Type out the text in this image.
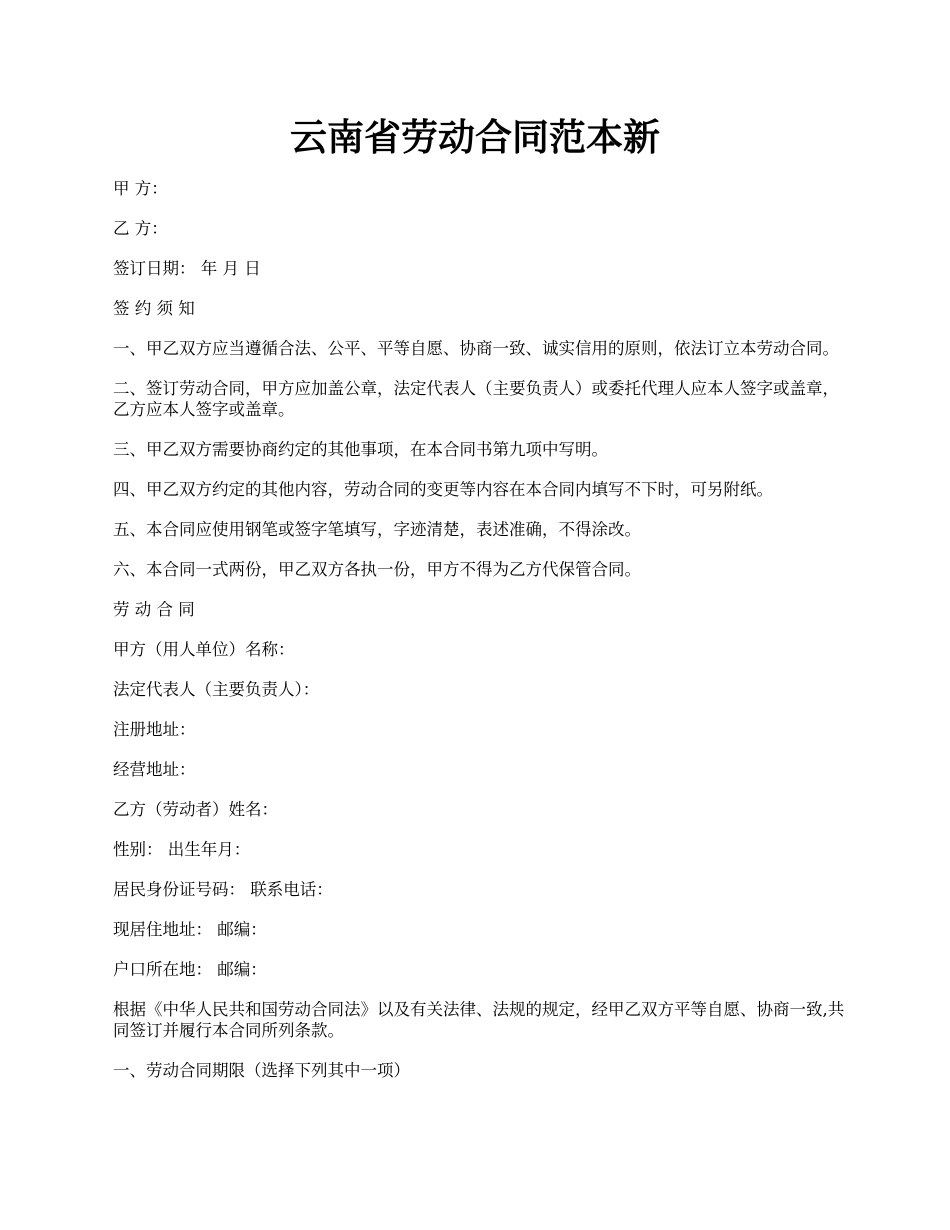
云南省劳动合同范本新

甲 方：

乙 方：

签订日期： 年 月 日

签 约 须 知

一、甲乙双方应当遵循合法、公平、平等自愿、协商一致、诚实信用的原则，依法订立本劳动合同。

二、签订劳动合同，甲方应加盖公章，法定代表人（主要负责人）或委托代理人应本人签字或盖章，乙方应本人签字或盖章。

三、甲乙双方需要协商约定的其他事项，在本合同书第九项中写明。

四、甲乙双方约定的其他内容，劳动合同的变更等内容在本合同内填写不下时，可另附纸。

五、本合同应使用钢笔或签字笔填写，字迹清楚，表述准确，不得涂改。

六、本合同一式两份，甲乙双方各执一份，甲方不得为乙方代保管合同。

劳 动 合 同

甲方（用人单位）名称：

法定代表人（主要负责人）：

注册地址：

经营地址：

乙方（劳动者）姓名：

性别： 出生年月：

居民身份证号码： 联系电话：

现居住地址： 邮编：

户口所在地： 邮编：

根据《中华人民共和国劳动合同法》以及有关法律、法规的规定，经甲乙双方平等自愿、协商一致,共同签订并履行本合同所列条款。

一、劳动合同期限（选择下列其中一项）
